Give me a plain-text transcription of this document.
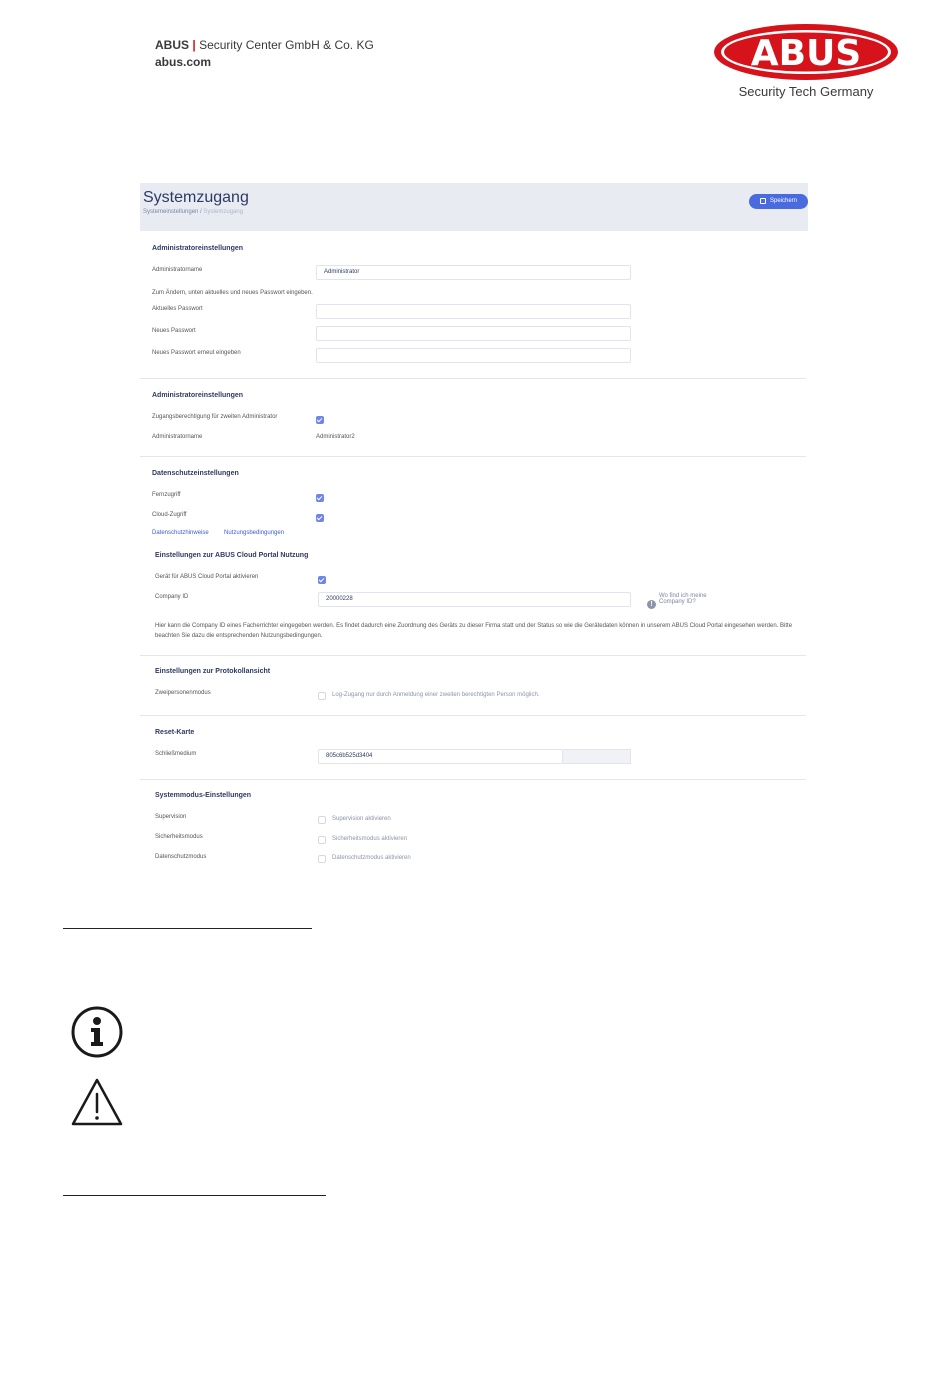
ABUS | Security Center GmbH & Co. KG
abus.com	ABUS
Security Tech Germany
Systemzugang
Systemeinstellungen / Systemzugang
Speichern
Administratoreinstellungen
Administratorname	Administrator
Zum Ändern, unten aktuelles und neues Passwort eingeben.
Aktuelles Passwort
Neues Passwort
Neues Passwort erneut eingeben
Administratoreinstellungen
Zugangsberechtigung für zweiten Administrator
Administratorname	Administrator2
Datenschutzeinstellungen
Fernzugriff
Cloud-Zugriff
Datenschutzhinweise	Nutzungsbedingungen
Einstellungen zur ABUS Cloud Portal Nutzung
Gerät für ABUS Cloud Portal aktivieren
Company ID	20000228
!
Wo find ich meine
Company ID?
Hier kann die Company ID eines Facherrichter eingegeben werden. Es findet dadurch eine Zuordnung des Geräts zu dieser Firma statt und der Status so wie die Gerätedaten können in unserem ABUS Cloud Portal eingesehen werden. Bitte beachten Sie dazu die entsprechenden Nutzungsbedingungen.
Einstellungen zur Protokollansicht
Zweipersonenmodus	Log-Zugang nur durch Anmeldung einer zweiten berechtigten Person möglich.
Reset-Karte
Schließmedium	805c6b525d3404
Systemmodus-Einstellungen
Supervision	Supervision aktivieren
Sicherheitsmodus	Sicherheitsmodus aktivieren
Datenschutzmodus	Datenschutzmodus aktivieren
